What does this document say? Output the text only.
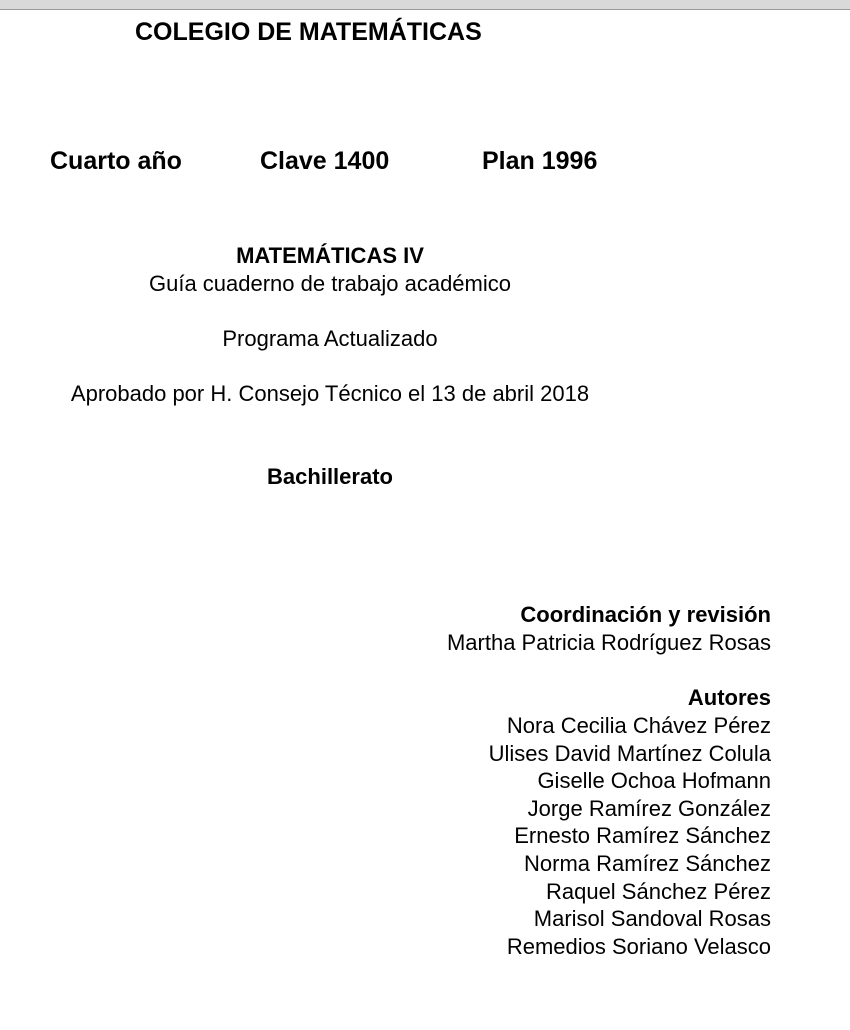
COLEGIO DE MATEMÁTICAS
Cuarto año	Clave 1400	Plan 1996
MATEMÁTICAS IV
Guía cuaderno de trabajo académico
Programa Actualizado
Aprobado por H. Consejo Técnico el 13 de abril 2018
Bachillerato
Coordinación y revisión
Martha Patricia Rodríguez Rosas
Autores
Nora Cecilia Chávez Pérez
Ulises David Martínez Colula
Giselle Ochoa Hofmann
Jorge Ramírez González
Ernesto Ramírez Sánchez
Norma Ramírez Sánchez
Raquel Sánchez Pérez
Marisol Sandoval Rosas
Remedios Soriano Velasco
